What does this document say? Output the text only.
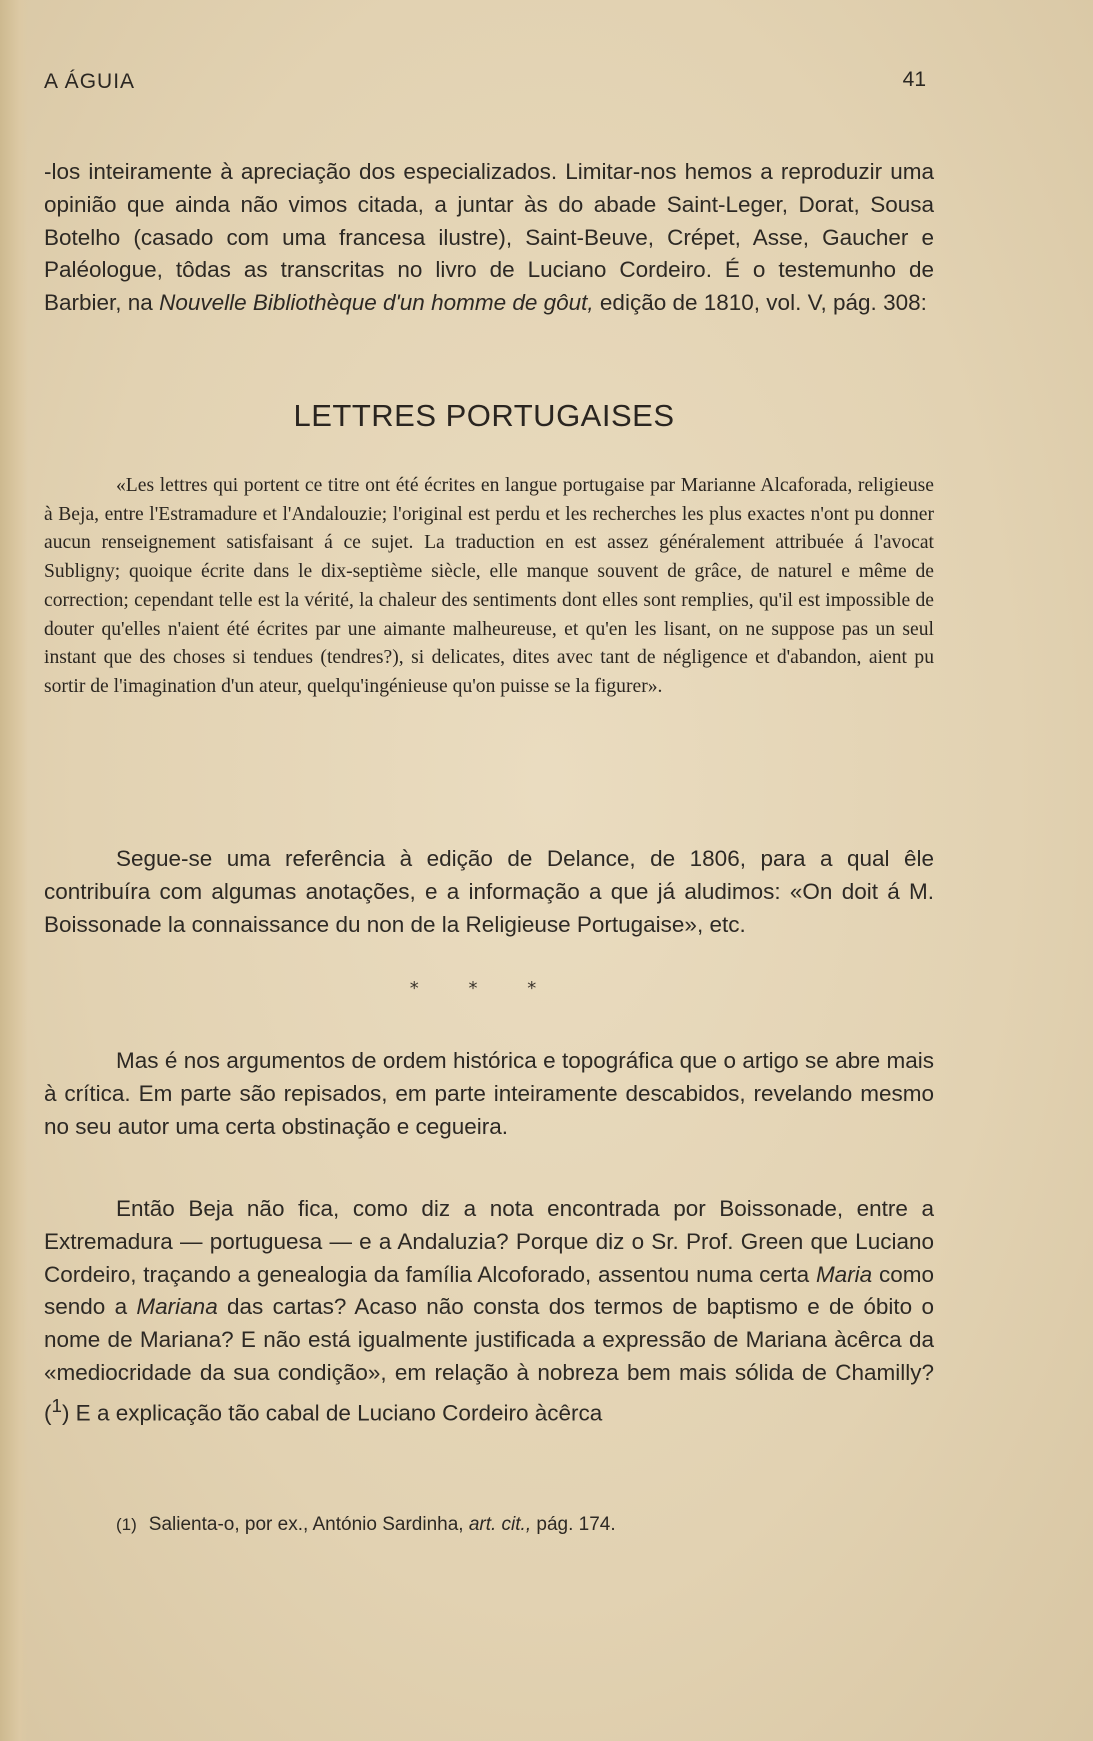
A ÁGUIA	41

-los inteiramente à apreciação dos especializados. Limitar-nos hemos a reproduzir uma opinião que ainda não vimos citada, a juntar às do abade Saint-Leger, Dorat, Sousa Botelho (casado com uma francesa ilustre), Saint-Beuve, Crépet, Asse, Gaucher e Paléologue, tôdas as transcritas no livro de Luciano Cordeiro. É o testemunho de Barbier, na Nouvelle Bibliothèque d'un homme de gôut, edição de 1810, vol. V, pág. 308:

LETTRES PORTUGAISES

«Les lettres qui portent ce titre ont été écrites en langue portugaise par Marianne Alcaforada, religieuse à Beja, entre l'Estramadure et l'Andalouzie; l'original est perdu et les recherches les plus exactes n'ont pu donner aucun renseignement satisfaisant á ce sujet. La traduction en est assez généralement attribuée á l'avocat Subligny; quoique écrite dans le dix-septième siècle, elle manque souvent de grâce, de naturel e même de correction; cependant telle est la vérité, la chaleur des sentiments dont elles sont remplies, qu'il est impossible de douter qu'elles n'aient été écrites par une aimante malheureuse, et qu'en les lisant, on ne suppose pas un seul instant que des choses si tendues (tendres?), si delicates, dites avec tant de négligence et d'abandon, aient pu sortir de l'imagination d'un ateur, quelqu'ingénieuse qu'on puisse se la figurer».

Segue-se uma referência à edição de Delance, de 1806, para a qual êle contribuíra com algumas anotações, e a informação a que já aludimos: «On doit á M. Boissonade la connaissance du non de la Religieuse Portugaise», etc.

* * *

Mas é nos argumentos de ordem histórica e topográfica que o artigo se abre mais à crítica. Em parte são repisados, em parte inteiramente descabidos, revelando mesmo no seu autor uma certa obstinação e cegueira.

Então Beja não fica, como diz a nota encontrada por Boissonade, entre a Extremadura — portuguesa — e a Andaluzia? Porque diz o Sr. Prof. Green que Luciano Cordeiro, traçando a genealogia da família Alcoforado, assentou numa certa Maria como sendo a Mariana das cartas? Acaso não consta dos termos de baptismo e de óbito o nome de Mariana? E não está igualmente justificada a expressão de Mariana àcêrca da «mediocridade da sua condição», em relação à nobreza bem mais sólida de Chamilly? ($^1$) E a explicação tão cabal de Luciano Cordeiro àcêrca

(1) Salienta-o, por ex., António Sardinha, art. cit., pág. 174.
